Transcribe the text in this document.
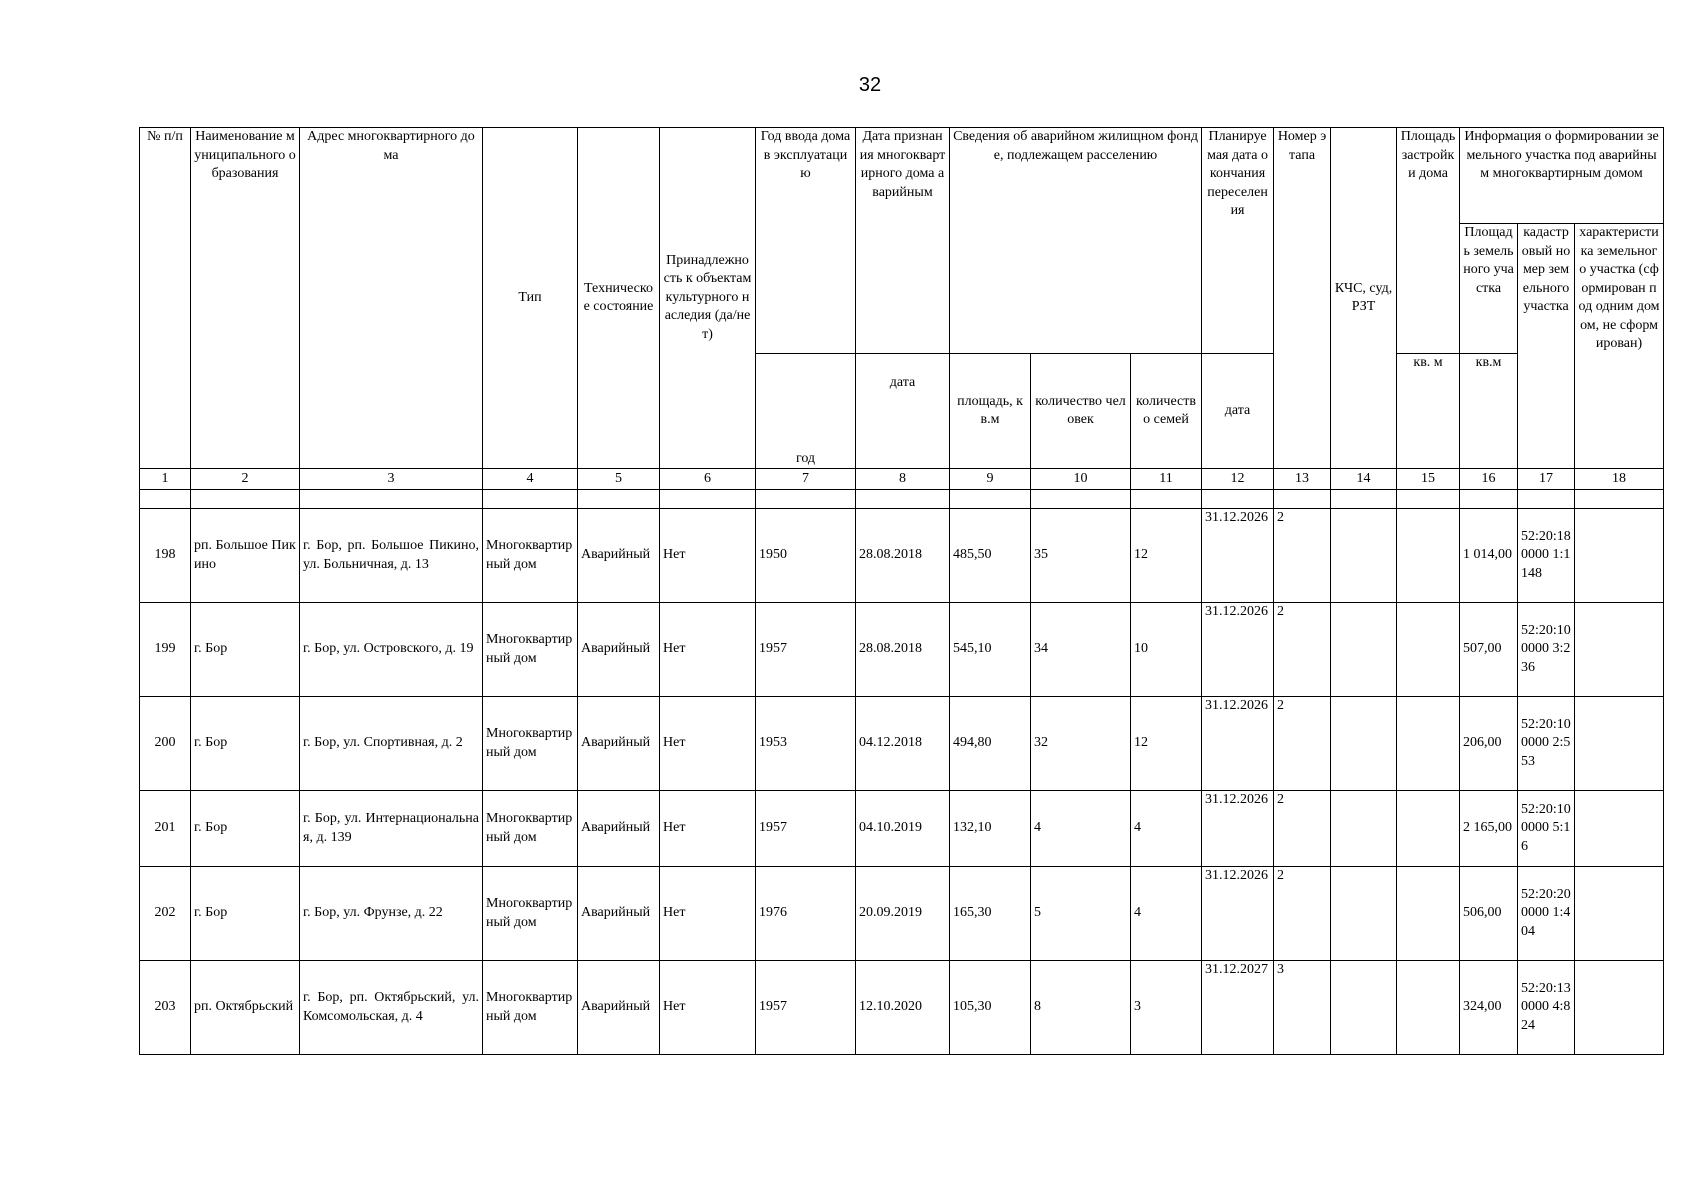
32
№ п/п	Наименование муниципального образования	Адрес многоквартирного дома	Тип	Техническое состояние	Принадлежность к объектам культурного наследия (да/нет)	Год ввода дома в эксплуатацию	Дата признания многоквартирного дома аварийным	Сведения об аварийном жилищном фонде, подлежащем расселению			Планируемая дата окончания переселения	Номер этапа	КЧС, суд, РЗТ	Площадь застройки дома	Информация о формировании земельного участка под аварийным многоквартирным домом		
															Площадь земельного участка	кадастровый номер земельного участка	характеристика земельного участка (сформирован под одним домом, не сформирован)
						год	дата	площадь, кв.м	количество человек	количество семей	дата			кв. м	кв.м		
1	2	3	4	5	6	7	8	9	10	11	12	13	14	15	16	17	18

198	рп. Большое Пикино	г. Бор, рп. Большое Пикино, ул. Больничная, д. 13	Многоквартирный дом	Аварийный	Нет	1950	28.08.2018	485,50	35	12	31.12.2026	2			1 014,00	52:20:180000 1:1148	
199	г. Бор	г. Бор, ул. Островского, д. 19	Многоквартирный дом	Аварийный	Нет	1957	28.08.2018	545,10	34	10	31.12.2026	2			507,00	52:20:100000 3:236	
200	г. Бор	г. Бор, ул. Спортивная, д. 2	Многоквартирный дом	Аварийный	Нет	1953	04.12.2018	494,80	32	12	31.12.2026	2			206,00	52:20:100000 2:553	
201	г. Бор	г. Бор, ул. Интернациональная, д. 139	Многоквартирный дом	Аварийный	Нет	1957	04.10.2019	132,10	4	4	31.12.2026	2			2 165,00	52:20:100000 5:16	
202	г. Бор	г. Бор, ул. Фрунзе, д. 22	Многоквартирный дом	Аварийный	Нет	1976	20.09.2019	165,30	5	4	31.12.2026	2			506,00	52:20:200000 1:404	
203	рп. Октябрьский	г. Бор, рп. Октябрьский, ул. Комсомольская, д. 4	Многоквартирный дом	Аварийный	Нет	1957	12.10.2020	105,30	8	3	31.12.2027	3			324,00	52:20:130000 4:824	
